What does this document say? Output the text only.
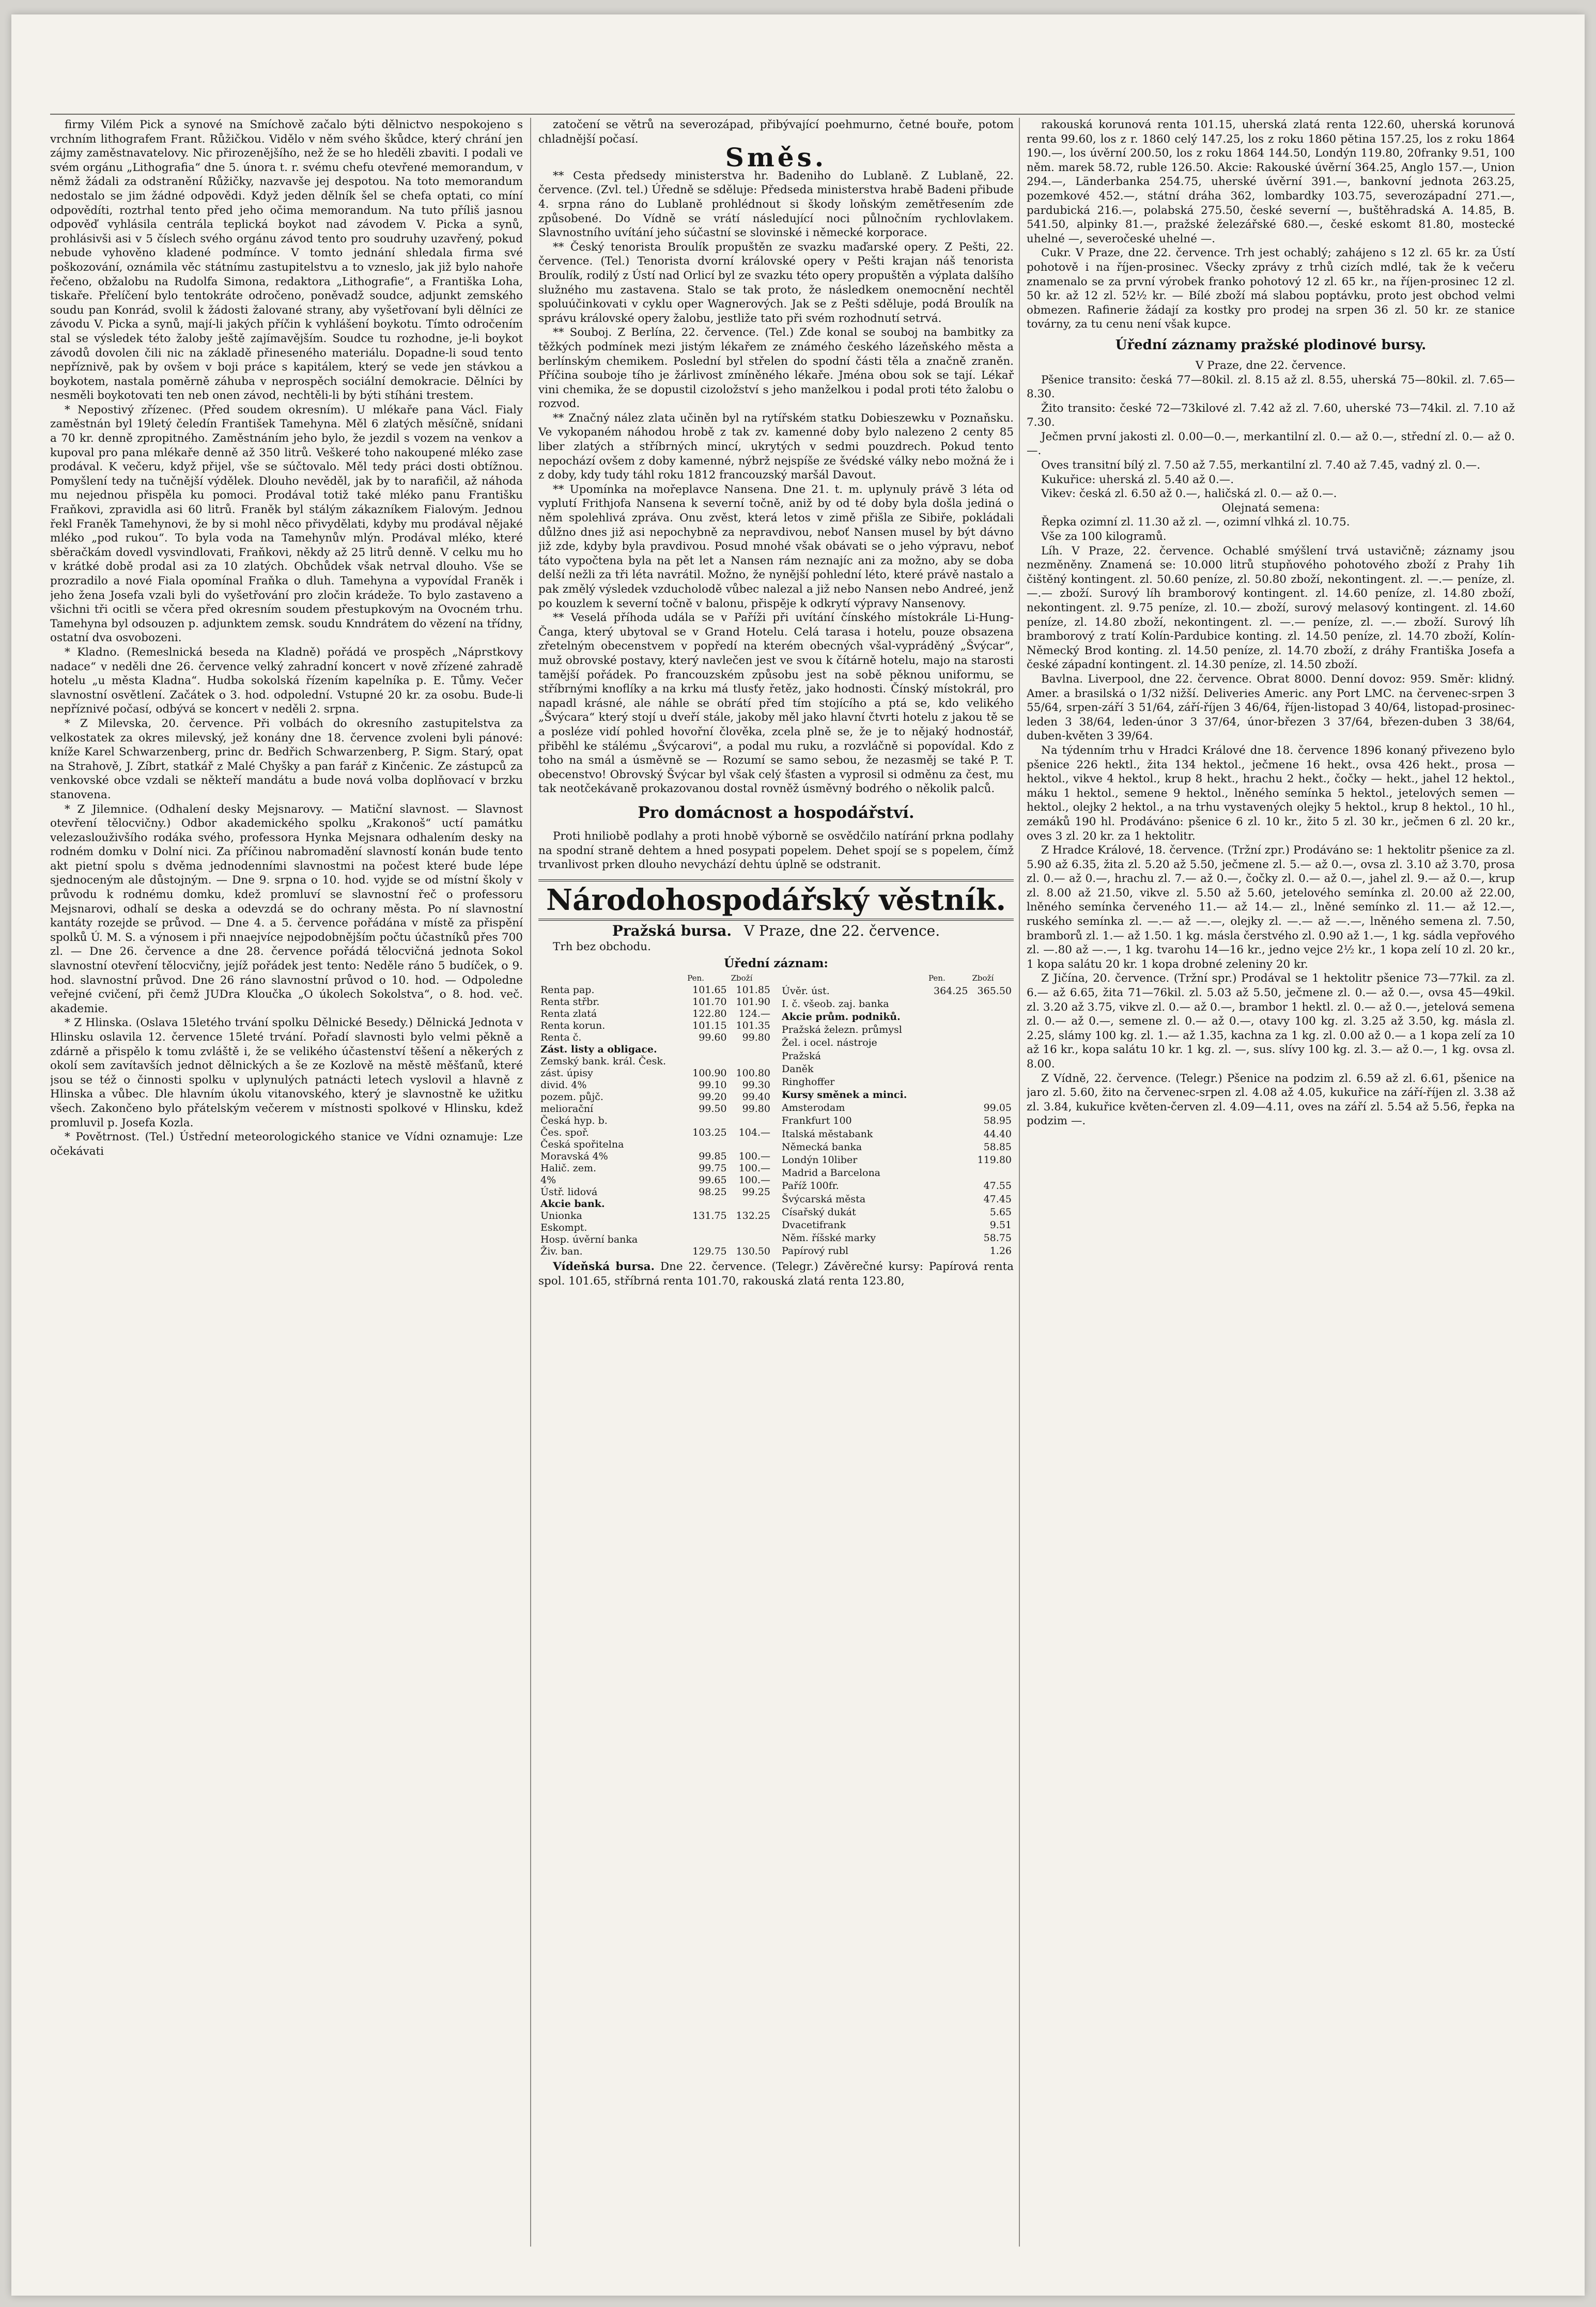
firmy Vilém Pick a synové na Smíchově začalo býti dělnictvo nespokojeno s vrchním lithografem Frant. Růžičkou. Vidělo v něm svého škůdce, který chrání jen zájmy zaměstnavatelovy. Nic přirozenějšího, než že se ho hleděli zbaviti. I podali ve svém orgánu „Lithografia“ dne 5. února t. r. svému chefu otevřené memorandum, v němž žádali za odstranění Růžičky, nazvavše jej despotou. Na toto memorandum nedostalo se jim žádné odpovědi. Když jeden dělník šel se chefa optati, co míní odpovědíti, roztrhal tento před jeho očima memorandum. Na tuto příliš jasnou odpověď vyhlásila centrála teplická boykot nad závodem V. Picka a synů, prohlásivši asi v 5 číslech svého orgánu závod tento pro soudruhy uzavřený, pokud nebude vyhověno kladené podmínce. V tomto jednání shledala firma své poškozování, oznámila věc státnímu zastupitelstvu a to vzneslo, jak již bylo nahoře řečeno, obžalobu na Rudolfa Simona, redaktora „Lithografie“, a Františka Loha, tiskaře. Přelíčení bylo tentokráte odročeno, poněvadž soudce, adjunkt zemského soudu pan Konrád, svolil k žádosti žalované strany, aby vyšetřovaní byli dělníci ze závodu V. Picka a synů, mají-li jakých příčin k vyhlášení boykotu. Tímto odročením stal se výsledek této žaloby ještě zajímavějším. Soudce tu rozhodne, je-li boykot závodů dovolen čili nic na základě přineseného materiálu. Dopadne-li soud tento nepříznivě, pak by ovšem v boji práce s kapitálem, který se vede jen stávkou a boykotem, nastala poměrně záhuba v neprospěch sociální demokracie. Dělníci by nesměli boykotovati ten neb onen závod, nechtěli-li by býti stíháni trestem.

* Nepostivý zřízenec. (Před soudem okresním). U mlékaře pana Václ. Fialy zaměstnán byl 19letý čeledín František Tamehyna. Měl 6 zlatých měsíčně, snídani a 70 kr. denně zpropitného. Zaměstnáním jeho bylo, že jezdil s vozem na venkov a kupoval pro pana mlékaře denně až 350 litrů. Veškeré toho nakoupené mléko zase prodával. K večeru, když přijel, vše se súčtovalo. Měl tedy práci dosti obtížnou. Pomyšlení tedy na tučnější výdělek. Dlouho nevěděl, jak by to narafičil, až náhoda mu nejednou přispěla ku pomoci. Prodával totiž také mléko panu Františku Fraňkovi, zpravidla asi 60 litrů. Franěk byl stálým zákazníkem Fialovým. Jednou řekl Franěk Tamehynovi, že by si mohl něco přivydělati, kdyby mu prodával nějaké mléko „pod rukou“. To byla voda na Tamehynův mlýn. Prodával mléko, které sběračkám dovedl vysvindlovati, Fraňkovi, někdy až 25 litrů denně. V celku mu ho v krátké době prodal asi za 10 zlatých. Obchůdek však netrval dlouho. Vše se prozradilo a nové Fiala opomínal Fraňka o dluh. Tamehyna a vypovídal Franěk i jeho žena Josefa vzali byli do vyšetřování pro zločin krádeže. To bylo zastaveno a všichni tři ocitli se včera před okresním soudem přestupkovým na Ovocném trhu. Tamehyna byl odsouzen p. adjunktem zemsk. soudu Knndrátem do vězení na třídny, ostatní dva osvobozeni.

* Kladno. (Remeslnická beseda na Kladně) pořádá ve prospěch „Náprstkovy nadace“ v neděli dne 26. července velký zahradní koncert v nově zřízené zahradě hotelu „u města Kladna“. Hudba sokolská řízením kapelníka p. E. Tůmy. Večer slavnostní osvětlení. Začátek o 3. hod. odpolední. Vstupné 20 kr. za osobu. Bude-li nepříznivé počasí, odbývá se koncert v neděli 2. srpna.

* Z Milevska, 20. července. Při volbách do okresního zastupitelstva za velkostatek za okres milevský, jež konány dne 18. července zvoleni byli pánové: kníže Karel Schwarzenberg, princ dr. Bedřich Schwarzenberg, P. Sigm. Starý, opat na Strahově, J. Zíbrt, statkář z Malé Chyšky a pan farář z Kinčenic. Ze zástupců za venkovské obce vzdali se někteří mandátu a bude nová volba doplňovací v brzku stanovena.

* Z Jilemnice. (Odhalení desky Mejsnarovy. — Matiční slavnost. — Slavnost otevření tělocvičny.) Odbor akademického spolku „Krakonoš“ uctí památku velezaslouživšího rodáka svého, professora Hynka Mejsnara odhalením desky na rodném domku v Dolní nici. Za příčinou nabromadění slavností konán bude tento akt pietní spolu s dvěma jednodenními slavnostmi na počest které bude lépe sjednoceným ale důstojným. — Dne 9. srpna o 10. hod. vyjde se od místní školy v průvodu k rodnému domku, kdež promluví se slavnostní řeč o professoru Mejsnarovi, odhalí se deska a odevzdá se do ochrany města. Po ní slavnostní kantáty rozejde se průvod. — Dne 4. a 5. července pořádána v místě za přispění spolků Ú. M. S. a výnosem i při nnaejvíce nejpodobnějším počtu účastníků přes 700 zl. — Dne 26. července a dne 28. července pořádá tělocvičná jednota Sokol slavnostní otevření tělocvičny, jejíž pořádek jest tento: Neděle ráno 5 budíček, o 9. hod. slavnostní průvod. Dne 26 ráno slavnostní průvod o 10. hod. — Odpoledne veřejné cvičení, při čemž JUDra Kloučka „O úkolech Sokolstva“, o 8. hod. več. akademie.

* Z Hlinska. (Oslava 15letého trvání spolku Dělnické Besedy.) Dělnická Jednota v Hlinsku oslavila 12. července 15leté trvání. Pořadí slavnosti bylo velmi pěkně a zdárně a přispělo k tomu zvláště i, že se velikého účastenství těšení a někerých z okolí sem zavítavších jednot dělnických a še ze Kozlově na městě měšťanů, které jsou se též o činnosti spolku v uplynulých patnácti letech vyslovil a hlavně z Hlinska a vůbec. Dle hlavním úkolu vitanovského, který je slavnostně ke užitku všech. Zakončeno bylo přátelským večerem v místnosti spolkové v Hlinsku, kdež promluvil p. Josefa Kozla.

* Povětrnost. (Tel.) Ústřední meteorologického stanice ve Vídni oznamuje: Lze očekávati

zatočení se větrů na severozápad, přibývající poehmurno, četné bouře, potom chladnější počasí.

Směs.

** Cesta předsedy ministerstva hr. Badeniho do Lublaně. Z Lublaně, 22. července. (Zvl. tel.) Úředně se sděluje: Předseda ministerstva hrabě Badeni přibude 4. srpna ráno do Lublaně prohlédnout si škody loňským zemětřesením zde způsobené. Do Vídně se vrátí následující noci půlnočním rychlovlakem. Slavnostního uvítání jeho súčastní se slovinské i německé korporace.

** Český tenorista Broulík propuštěn ze svazku maďarské opery. Z Pešti, 22. července. (Tel.) Tenorista dvorní královské opery v Pešti krajan náš tenorista Broulík, rodilý z Ústí nad Orlicí byl ze svazku této opery propuštěn a výplata dalšího služného mu zastavena. Stalo se tak proto, že následkem onemocnění nechtěl spoluúčinkovati v cyklu oper Wagnerových. Jak se z Pešti sděluje, podá Broulík na správu královské opery žalobu, jestliže tato při svém rozhodnutí setrvá.

** Souboj. Z Berlína, 22. července. (Tel.) Zde konal se souboj na bambitky za těžkých podmínek mezi jistým lékařem ze známého českého lázeňského města a berlínským chemikem. Poslední byl střelen do spodní části těla a značně zraněn. Příčina souboje tího je žárlivost zmíněného lékaře. Jména obou sok se tají. Lékař vini chemika, že se dopustil cizoložství s jeho manželkou i podal proti této žalobu o rozvod.

** Značný nález zlata učiněn byl na rytířském statku Dobieszewku v Poznaňsku. Ve vykopaném náhodou hrobě z tak zv. kamenné doby bylo nalezeno 2 centy 85 liber zlatých a stříbrných mincí, ukrytých v sedmi pouzdrech. Pokud tento nepochází ovšem z doby kamenné, nýbrž nejspíše ze švédské války nebo možná že i z doby, kdy tudy táhl roku 1812 francouzský maršál Davout.

** Upomínka na mořeplavce Nansena. Dne 21. t. m. uplynuly právě 3 léta od vyplutí Frithjofa Nansena k severní točně, aniž by od té doby byla došla jediná o něm spolehlivá zpráva. Onu zvěst, která letos v zimě přišla ze Sibiře, pokládali důlžno dnes již asi nepochybně za nepravdivou, neboť Nansen musel by být dávno již zde, kdyby byla pravdivou. Posud mnohé však obávati se o jeho výpravu, neboť táto vypočtena byla na pět let a Nansen rám neznajíc ani za možno, aby se doba delší nežli za tři léta navrátil. Možno, že nynější pohlední léto, které právě nastalo a pak změlý výsledek vzducholodě vůbec nalezal a již nebo Nansen nebo Andreé, jenž po kouzlem k severní točně v balonu, přispěje k odkrytí výpravy Nansenovy.

** Veselá příhoda udála se v Paříži při uvítání čínského místokrále Li-Hung-Čanga, který ubytoval se v Grand Hotelu. Celá tarasa i hotelu, pouze obsazena zřetelným obecenstvem v popředí na kterém obecných všal-vypráděný „Švýcar“, muž obrovské postavy, který navlečen jest ve svou k čítárně hotelu, majo na starosti tamější pořádek. Po francouzském způsobu jest na sobě pěknou uniformu, se stříbrnými knoflíky a na krku má tlusťy řetěz, jako hodnosti. Čínský místokrál, pro napadl krásné, ale náhle se obrátí před tím stojícího a ptá se, kdo velikého „Švýcara“ který stojí u dveří stále, jakoby měl jako hlavní čtvrti hotelu z jakou tě se a posléze vidí pohled hovořní člověka, zcela plně se, že je to nějaký hodnostář, přiběhl ke stálému „Švýcarovi“, a podal mu ruku, a rozvláčně si popovídal. Kdo z toho na smál a úsměvně se — Rozumí se samo sebou, že nezasměj se také P. T. obecenstvo! Obrovský Švýcar byl však celý šťasten a vyprosil si odměnu za čest, mu tak neotčekávaně prokazovanou dostal rovněž úsměvný bodrého o několik palců.

Pro domácnost a hospodářství.

Proti hniliobě podlahy a proti hnobě výborně se osvědčilo natírání prkna podlahy na spodní straně dehtem a hned posypati popelem. Dehet spojí se s popelem, čímž trvanlivost prken dlouho nevychází dehtu úplně se odstranit.

Národohospodářský věstník.
Pražská bursa. V Praze, dne 22. července.

Trh bez obchodu.

Úřední záznam:
	Pen.	Zboží
Renta pap.	101.65	101.85
Renta střbr.	101.70	101.90
Renta zlatá	122.80	124.—
Renta korun.	101.15	101.35
Renta č.	99.60	99.80
Zást. listy a obligace.		
Zemský bank. král. Česk.		
zást. úpisy	100.90	100.80
divid. 4%	99.10	99.30
pozem. půjč.	99.20	99.40
meliorační	99.50	99.80
Česká hyp. b.		
Čes. spoř.	103.25	104.—
Česká spořitelna		
Moravská 4%	99.85	100.—
Halič. zem.	99.75	100.—
4%	99.65	100.—
Ústř. lidová	98.25	99.25
Akcie bank.		
Unionka	131.75	132.25
Eskompt.		
Hosp. úvěrní banka		
Živ. ban.	129.75	130.50
	Pen.	Zboží
Úvěr. úst.	364.25	365.50
I. č. všeob. zaj. banka		
Akcie prům. podniků.		
Pražská železn. průmysl		
Žel. i ocel. nástroje		
Pražská		
Daněk		
Ringhoffer		
Kursy směnek a minci.		
Amsterodam		99.05
Frankfurt 100		58.95
Italská městabank		44.40
Německá banka		58.85
Londýn 10liber		119.80
Madrid a Barcelona		
Paříž 100fr.		47.55
Švýcarská města		47.45
Císařský dukát		5.65
Dvacetifrank		9.51
Něm. říšské marky		58.75
Papírový rubl		1.26

Vídeňská bursa. Dne 22. července. (Telegr.) Závěrečné kursy: Papírová renta spol. 101.65, stříbrná renta 101.70, rakouská zlatá renta 123.80,

rakouská korunová renta 101.15, uherská zlatá renta 122.60, uherská korunová renta 99.60, los z r. 1860 celý 147.25, los z roku 1860 pětina 157.25, los z roku 1864 190.—, los úvěrní 200.50, los z roku 1864 144.50, Londýn 119.80, 20franky 9.51, 100 něm. marek 58.72, ruble 126.50. Akcie: Rakouské úvěrní 364.25, Anglo 157.—, Union 294.—, Länderbanka 254.75, uherské úvěrní 391.—, bankovní jednota 263.25, pozemkové 452.—, státní dráha 362, lombardky 103.75, severozápadní 271.—, pardubická 216.—, polabská 275.50, české severní —, buštěhradská A. 14.85, B. 541.50, alpinky 81.—, pražské železářské 680.—, české eskomt 81.80, mostecké uhelné —, severočeské uhelné —.

Cukr. V Praze, dne 22. července. Trh jest ochablý; zahájeno s 12 zl. 65 kr. za Ústí pohotově i na říjen-prosinec. Všecky zprávy z trhů cizích mdlé, tak že k večeru znamenalo se za první výrobek franko pohotový 12 zl. 65 kr., na říjen-prosinec 12 zl. 50 kr. až 12 zl. 52½ kr. — Bílé zboží má slabou poptávku, proto jest obchod velmi obmezen. Rafinerie žádají za kostky pro prodej na srpen 36 zl. 50 kr. ze stanice továrny, za tu cenu není však kupce.

Úřední záznamy pražské plodinové bursy.

V Praze, dne 22. července.

Pšenice transito: česká 77—80kil. zl. 8.15 až zl. 8.55, uherská 75—80kil. zl. 7.65—8.30.

Žito transito: české 72—73kilové zl. 7.42 až zl. 7.60, uherské 73—74kil. zl. 7.10 až 7.30.

Ječmen první jakosti zl. 0.00—0.—, merkantilní zl. 0.— až 0.—, střední zl. 0.— až 0.—.

Oves transitní bílý zl. 7.50 až 7.55, merkantilní zl. 7.40 až 7.45, vadný zl. 0.—.

Kukuřice: uherská zl. 5.40 až 0.—.

Vikev: česká zl. 6.50 až 0.—, haličská zl. 0.— až 0.—.

Olejnatá semena:

Řepka ozimní zl. 11.30 až zl. —, ozimní vlhká zl. 10.75.

Vše za 100 kilogramů.

Líh. V Praze, 22. července. Ochablé smýšlení trvá ustavičně; záznamy jsou nezměněny. Znamená se: 10.000 litrů stupňového pohotového zboží z Prahy 1ih čištěný kontingent. zl. 50.60 peníze, zl. 50.80 zboží, nekontingent. zl. —.— peníze, zl. —.— zboží. Surový líh bramborový kontingent. zl. 14.60 peníze, zl. 14.80 zboží, nekontingent. zl. 9.75 peníze, zl. 10.— zboží, surový melasový kontingent. zl. 14.60 peníze, zl. 14.80 zboží, nekontingent. zl. —.— peníze, zl. —.— zboží. Surový líh bramborový z tratí Kolín-Pardubice konting. zl. 14.50 peníze, zl. 14.70 zboží, Kolín-Německý Brod konting. zl. 14.50 peníze, zl. 14.70 zboží, z dráhy Františka Josefa a české západní kontingent. zl. 14.30 peníze, zl. 14.50 zboží.

Bavlna. Liverpool, dne 22. července. Obrat 8000. Denní dovoz: 959. Směr: klidný. Amer. a brasilská o 1/32 nižší. Deliveries Americ. any Port LMC. na červenec-srpen 3 55/64, srpen-září 3 51/64, září-říjen 3 46/64, říjen-listopad 3 40/64, listopad-prosinec-leden 3 38/64, leden-únor 3 37/64, únor-březen 3 37/64, březen-duben 3 38/64, duben-květen 3 39/64.

Na týdenním trhu v Hradci Králové dne 18. července 1896 konaný přivezeno bylo pšenice 226 hektl., žita 134 hektol., ječmene 16 hekt., ovsa 426 hekt., prosa — hektol., vikve 4 hektol., krup 8 hekt., hrachu 2 hekt., čočky — hekt., jahel 12 hektol., máku 1 hektol., semene 9 hektol., lněného semínka 5 hektol., jetelových semen — hektol., olejky 2 hektol., a na trhu vystavených olejky 5 hektol., krup 8 hektol., 10 hl., zemáků 190 hl. Prodáváno: pšenice 6 zl. 10 kr., žito 5 zl. 30 kr., ječmen 6 zl. 20 kr., oves 3 zl. 20 kr. za 1 hektolitr.

Z Hradce Králové, 18. července. (Tržní zpr.) Prodáváno se: 1 hektolitr pšenice za zl. 5.90 až 6.35, žita zl. 5.20 až 5.50, ječmene zl. 5.— až 0.—, ovsa zl. 3.10 až 3.70, prosa zl. 0.— až 0.—, hrachu zl. 7.— až 0.—, čočky zl. 0.— až 0.—, jahel zl. 9.— až 0.—, krup zl. 8.00 až 21.50, vikve zl. 5.50 až 5.60, jetelového semínka zl. 20.00 až 22.00, lněného semínka červeného 11.— až 14.— zl., lněné semínko zl. 11.— až 12.—, ruského semínka zl. —.— až —.—, olejky zl. —.— až —.—, lněného semena zl. 7.50, bramborů zl. 1.— až 1.50. 1 kg. másla čerstvého zl. 0.90 až 1.—, 1 kg. sádla vepřového zl. —.80 až —.—, 1 kg. tvarohu 14—16 kr., jedno vejce 2½ kr., 1 kopa zelí 10 zl. 20 kr., 1 kopa salátu 20 kr. 1 kopa drobné zeleniny 20 kr.

Z Jičína, 20. července. (Tržní spr.) Prodával se 1 hektolitr pšenice 73—77kil. za zl. 6.— až 6.65, žita 71—76kil. zl. 5.03 až 5.50, ječmene zl. 0.— až 0.—, ovsa 45—49kil. zl. 3.20 až 3.75, vikve zl. 0.— až 0.—, brambor 1 hektl. zl. 0.— až 0.—, jetelová semena zl. 0.— až 0.—, semene zl. 0.— až 0.—, otavy 100 kg. zl. 3.25 až 3.50, kg. másla zl. 2.25, slámy 100 kg. zl. 1.— až 1.35, kachna za 1 kg. zl. 0.00 až 0.— a 1 kopa zelí za 10 až 16 kr., kopa salátu 10 kr. 1 kg. zl. —, sus. slívy 100 kg. zl. 3.— až 0.—, 1 kg. ovsa zl. 8.00.

Z Vídně, 22. července. (Telegr.) Pšenice na podzim zl. 6.59 až zl. 6.61, pšenice na jaro zl. 5.60, žito na červenec-srpen zl. 4.08 až 4.05, kukuřice na září-říjen zl. 3.38 až zl. 3.84, kukuřice květen-červen zl. 4.09—4.11, oves na září zl. 5.54 až 5.56, řepka na podzim —.
